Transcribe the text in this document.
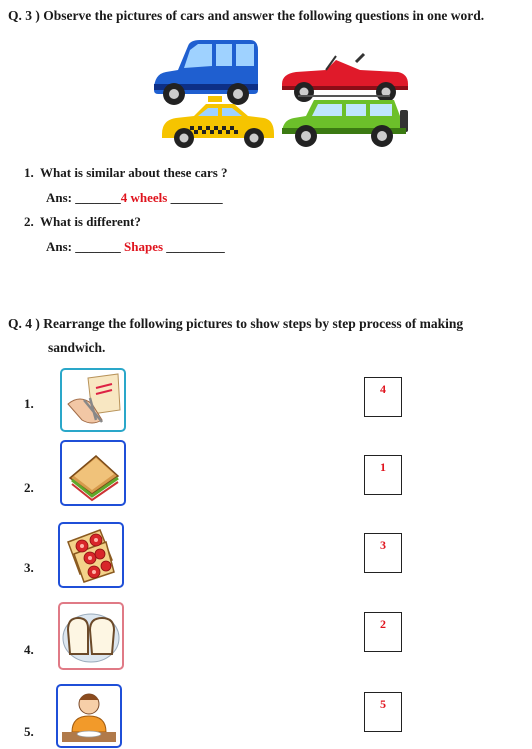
Q. 3 ) Observe the pictures of cars and answer the following questions in one word.
1. What is similar about these cars ?
Ans: _______4 wheels ________
2. What is different?
Ans: _______ Shapes _________
Q. 4 ) Rearrange the following pictures to show steps by step process of making
sandwich.
1.
4
2.
1
3.
3
4.
2
5.
5
